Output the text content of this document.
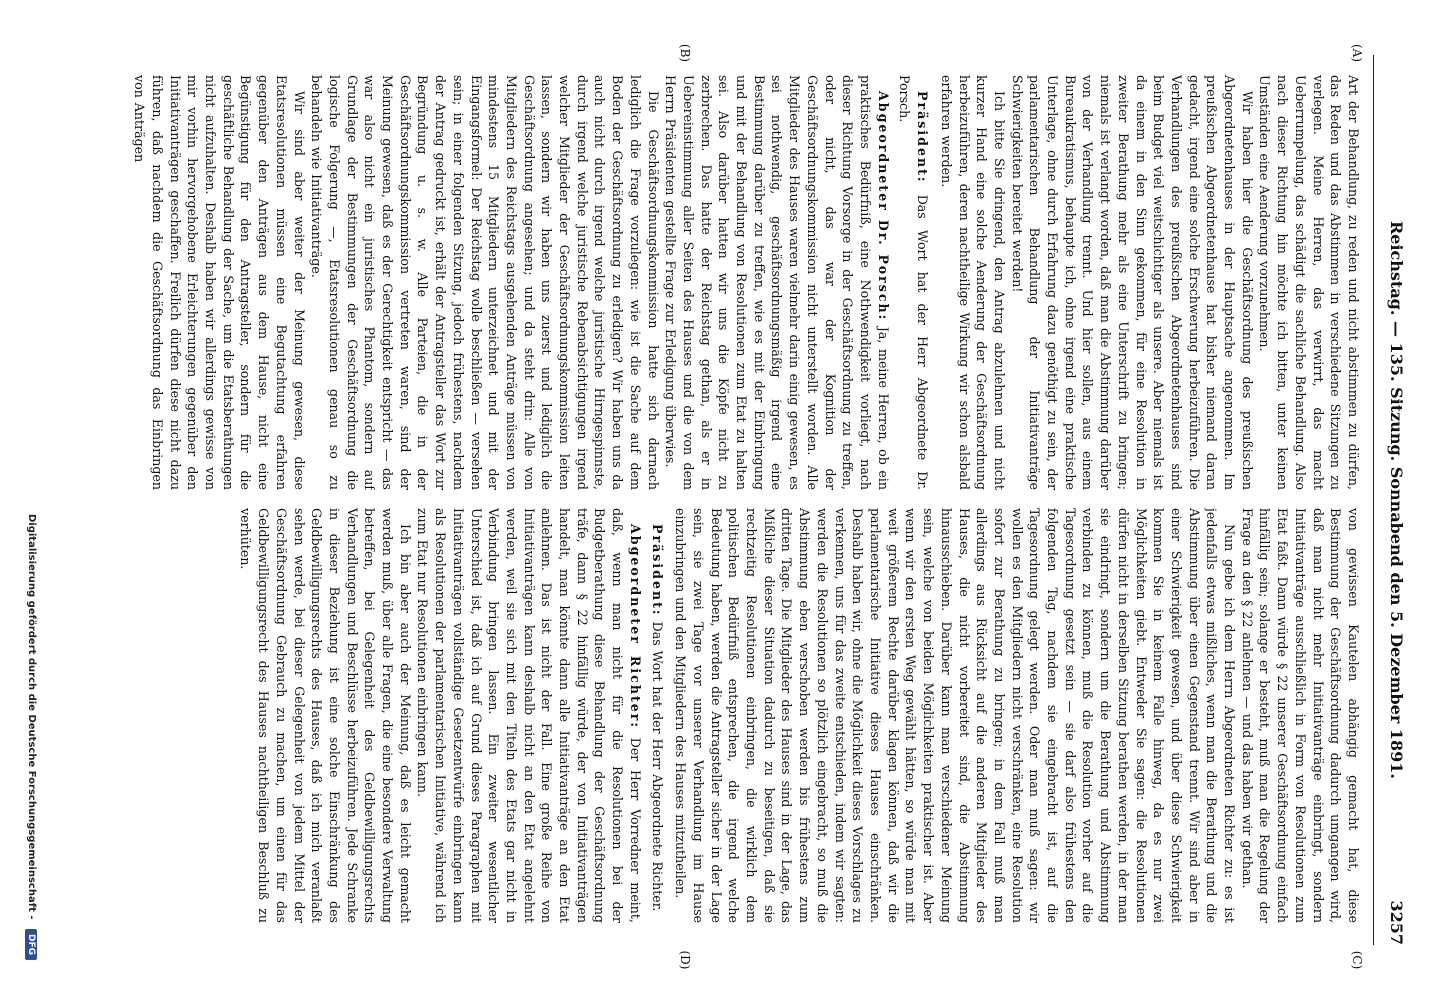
Reichstag. — 135. Sitzung. Sonnabend den 5. Dezember 1891.
3257
(A)
(B)
(C)
(D)

Art der Behandlung, zu reden und nicht abstimmen zu dürfen, das Reden und das Abstimmen in verschiedene Sitzungen zu verlegen. Meine Herren, das verwirrt, das macht Ueberrumpelung, das schädigt die sachliche Behandlung. Also nach dieser Richtung hin möchte ich bitten, unter keinen Umständen eine Aenderung vorzunehmen.

Wir haben hier die Geschäftsordnung des preußischen Abgeordnetenhauses in der Hauptsache angenommen. Im preußischen Abgeordnetenhause hat bisher niemand daran gedacht, irgend eine solche Erschwerung herbeizuführen. Die Verhandlungen des preußischen Abgeordnetenhauses sind beim Budget viel weitschichtiger als unsere. Aber niemals ist da einem in den Sinn gekommen, für eine Resolution in zweiter Berathung mehr als eine Unterschrift zu bringen; niemals ist verlangt worden, daß man die Abstimmung darüber von der Verhandlung trennt. Und hier sollen, aus einem Bureaukratismus, behaupte ich, ohne irgend eine praktische Unterlage, ohne durch Erfahrung dazu genöthigt zu sein, der parlamentarischen Behandlung der Initiativanträge Schwierigkeiten bereitet werden!

Ich bitte Sie dringend, den Antrag abzulehnen und nicht kurzer Hand eine solche Aenderung der Geschäftsordnung herbeizuführen, deren nachtheilige Wirkung wir schon alsbald erfahren werden.

Präsident: Das Wort hat der Herr Abgeordnete Dr. Porsch.

Abgeordneter Dr. Porsch: Ja, meine Herren, ob ein praktisches Bedürfniß, eine Nothwendigkeit vorliegt, nach dieser Richtung Vorsorge in der Geschäftsordnung zu treffen, oder nicht, das war der Kognition der Geschäftsordnungskommission nicht unterstellt worden. Alle Mitglieder des Hauses waren vielmehr darin einig gewesen, es sei nothwendig, geschäftsordnungsmäßig irgend eine Bestimmung darüber zu treffen, wie es mit der Einbringung und mit der Behandlung von Resolutionen zum Etat zu halten sei. Also darüber hatten wir uns die Köpfe nicht zu zerbrechen. Das hatte der Reichstag gethan, als er in Uebereinstimmung aller Seiten des Hauses und die von dem Herrn Präsidenten gestellte Frage zur Erledigung überwies.

Die Geschäftsordnungskommission hatte sich darnach lediglich die Frage vorzulegen: wie ist die Sache auf dem Boden der Geschäftsordnung zu erledigen? Wir haben uns da auch nicht durch irgend welche juristische Hirngespinnste, durch irgend welche juristische Rebenabsichtigungen irgend welcher Mitglieder der Geschäftsordnungskommission leiten lassen, sondern wir haben uns zuerst und lediglich die Geschäftsordnung angesehen; und da steht drin: Alle von Mitgliedern des Reichstags ausgehenden Anträge müssen von mindestens 15 Mitgliedern unterzeichnet und mit der Eingangsformel: Der Reichstag wolle beschließen — versehen sein; in einer folgenden Sitzung, jedoch frühestens, nachdem der Antrag gedruckt ist, erhält der Antragsteller das Wort zur Begründung u. s. w. Alle Parteien, die in der Geschäftsordnungskommission vertreten waren, sind der Meinung gewesen, daß es der Gerechtigkeit entspricht — das war also nicht ein juristisches Phantom, sondern auf Grundlage der Bestimmungen der Geschäftsordnung die logische Folgerung —, Etatsresolutionen genau so zu behandeln wie Initiativanträge.

Wir sind aber weiter der Meinung gewesen, diese Etatsresolutionen müssen eine Begutachtung erfahren gegenüber den Anträgen aus dem Hause, nicht eine Begünstigung für den Antragsteller, sondern für die geschäftliche Behandlung der Sache, um die Etatsberathungen nicht aufzuhalten. Deshalb haben wir allerdings gewisse von mir vorhin hervorgehobene Erleichterungen gegenüber den Initiativanträgen geschaffen. Freilich dürfen diese nicht dazu führen, daß nachdem die Geschäftsordnung das Einbringen von Anträgen

von gewissen Kautelen abhängig gemacht hat, diese Bestimmung der Geschäftsordnung dadurch umgangen wird, daß man nicht mehr Initiativanträge einbringt, sondern Initiativanträge ausschließlich in Form von Resolutionen zum Etat faßt. Dann würde § 22 unserer Geschäftsordnung einfach hinfällig sein; solange er besteht, muß man die Regelung der Frage an den § 22 anlehnen — und das haben wir gethan.

Nun gebe ich dem Herrn Abgeordneten Richter zu: es ist jedenfalls etwas mißliches, wenn man die Berathung und die Abstimmung über einen Gegenstand trennt. Wir sind aber in einer Schwierigkeit gewesen, und über diese Schwierigkeit kommen Sie in keinem Falle hinweg, da es nur zwei Möglichkeiten giebt. Entweder Sie sagen: die Resolutionen dürfen nicht in derselben Sitzung berathen werden, in der man sie eindringt, sondern um die Berathung und Abstimmung verbinden zu können, muß die Resolution vorher auf die Tagesordnung gesetzt sein — sie darf also frühestens den folgenden Tag, nachdem sie eingebracht ist, auf die Tagesordnung gelegt werden. Oder man muß sagen: wir wollen es den Mitgliedern nicht verschränken, eine Resolution sofort zur Berathung zu bringen; in dem Fall muß man allerdings aus Rücksicht auf die anderen Mitglieder des Hauses, die nicht vorbereitet sind, die Abstimmung hinausschieben. Darüber kann man verschiedener Meinung sein, welche von beiden Möglichkeiten praktischer ist. Aber wenn wir den ersten Weg gewählt hätten, so würde man mit weit größerem Rechte darüber klagen können, daß wir die parlamentarische Initiative dieses Hauses einschränken. Deshalb haben wir, ohne die Möglichkeit dieses Vorschlages zu verkennen, uns für das zweite entschieden, indem wir sagten: werden die Resolutionen so plötzlich eingebracht, so muß die Abstimmung eben verschoben werden bis frühestens zum dritten Tage. Die Mitglieder des Hauses sind in der Lage, das Mißliche dieser Situation dadurch zu beseitigen, daß sie rechtzeitig Resolutionen einbringen, die wirklich dem politischen Bedürfniß entsprechen, die irgend welche Bedeutung haben, werden die Antragsteller sicher in der Lage sein, sie zwei Tage vor unserer Verhandlung im Hause einzubringen und den Mitgliedern des Hauses mitzutheilen.

Präsident: Das Wort hat der Herr Abgeordnete Richter.

Abgeordneter Richter: Der Herr Vorredner meint, daß, wenn man nicht für die Resolutionen bei der Budgetberathung diese Behandlung der Geschäftsordnung träfe, dann § 22 hinfällig würde, der von Initiativanträgen handelt, man könnte dann alle Initiativanträge an den Etat anlehnen. Das ist nicht der Fall. Eine große Reihe von Initiativanträgen kann deshalb nicht an den Etat angelehnt werden, weil sie sich mit den Titeln des Etats gar nicht in Verbindung bringen lassen. Ein zweiter wesentlicher Unterschied ist, daß ich auf Grund dieses Paragraphen mit Initiativanträgen vollständige Gesetzentwürfe einbringen kann als Resolutionen der parlamentarischen Initiative, während ich zum Etat nur Resolutionen einbringen kann.

Ich bin aber auch der Meinung, daß es leicht gemacht werden muß, über alle Fragen, die eine besondere Verwaltung betreffen, bei Gelegenheit des Geldbewilligungsrechts Verhandlungen und Beschlüsse herbeizuführen. Jede Schranke in dieser Beziehung ist eine solche Einschränkung des Geldbewilligungsrechts des Hauses, daß ich mich veranlaßt sehen werde, bei dieser Gelegenheit von jedem Mittel der Geschäftsordnung Gebrauch zu machen, um einen für das Geldbewilligungsrecht des Hauses nachtheiligen Beschluß zu verhüten.

Digitalisierung gefördert durch die Deutsche Forschungsgemeinschaft - DFG
